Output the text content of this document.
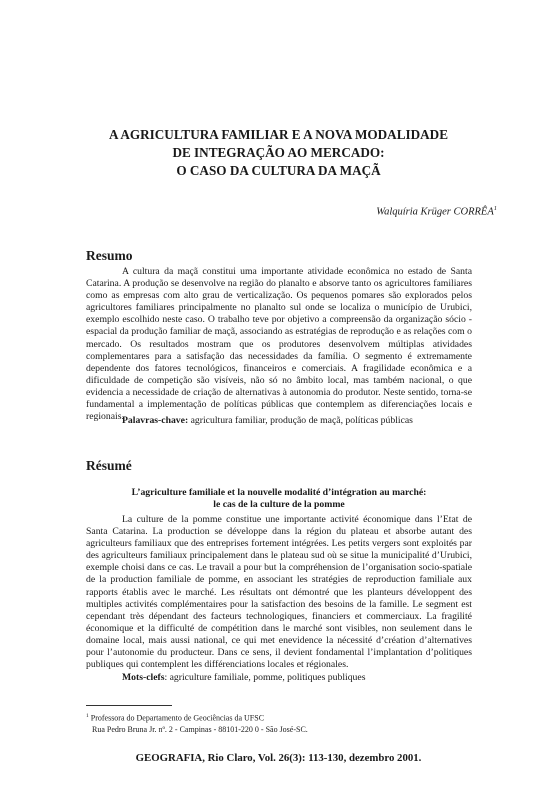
A AGRICULTURA FAMILIAR E A NOVA MODALIDADE
DE INTEGRAÇÃO AO MERCADO:
O CASO DA CULTURA DA MAÇÃ
Walquíria Krüger CORRÊA$^1$
Resumo

A cultura da maçã constitui uma importante atividade econômica no estado de Santa Catarina. A produção se desenvolve na região do planalto e absorve tanto os agricultores familiares como as empresas com alto grau de verticalização. Os pequenos pomares são explorados pelos agricultores familiares principalmente no planalto sul onde se localiza o município de Urubici, exemplo escolhido neste caso. O trabalho teve por objetivo a compreensão da organização sócio - espacial da produção familiar de maçã, associando as estratégias de reprodução e as relações com o mercado. Os resultados mostram que os produtores desenvolvem múltiplas atividades complementares para a satisfação das necessidades da família. O segmento é extremamente dependente dos fatores tecnológicos, financeiros e comerciais. A fragilidade econômica e a dificuldade de competição são visíveis, não só no âmbito local, mas também nacional, o que evidencia a necessidade de criação de alternativas à autonomia do produtor. Neste sentido, torna-se fundamental a implementação de políticas públicas que contemplem as diferenciações locais e regionais.

Palavras-chave: agricultura familiar, produção de maçã, políticas públicas
Résumé
L’agriculture familiale et la nouvelle modalité d’intégration au marché:
le cas de la culture de la pomme

La culture de la pomme constitue une importante activité économique dans l’Etat de Santa Catarina. La production se développe dans la région du plateau et absorbe autant des agriculteurs familiaux que des entreprises fortement intégrées. Les petits vergers sont exploités par des agriculteurs familiaux principalement dans le plateau sud où se situe la municipalité d’Urubici, exemple choisi dans ce cas. Le travail a pour but la compréhension de l’organisation socio-spatiale de la production familiale de pomme, en associant les stratégies de reproduction familiale aux rapports établis avec le marché. Les résultats ont démontré que les planteurs développent des multiples activités complémentaires pour la satisfaction des besoins de la famille. Le segment est cependant très dépendant des facteurs technologiques, financiers et commerciaux. La fragilité économique et la difficulté de compétition dans le marché sont visibles, non seulement dans le domaine local, mais aussi national, ce qui met enevidence la nécessité d’création d’alternatives pour l’autonomie du producteur. Dans ce sens, il devient fondamental l’implantation d’politiques publiques qui contemplent les différenciations locales et régionales.

Mots-clefs: agriculture familiale, pomme, politiques publiques
$^1$ Professora do Departamento de Geociências da UFSC
Rua Pedro Bruna Jr. nº. 2 - Campinas - 88101-220 0 - São José-SC.
GEOGRAFIA, Rio Claro, Vol. 26(3): 113-130, dezembro 2001.
